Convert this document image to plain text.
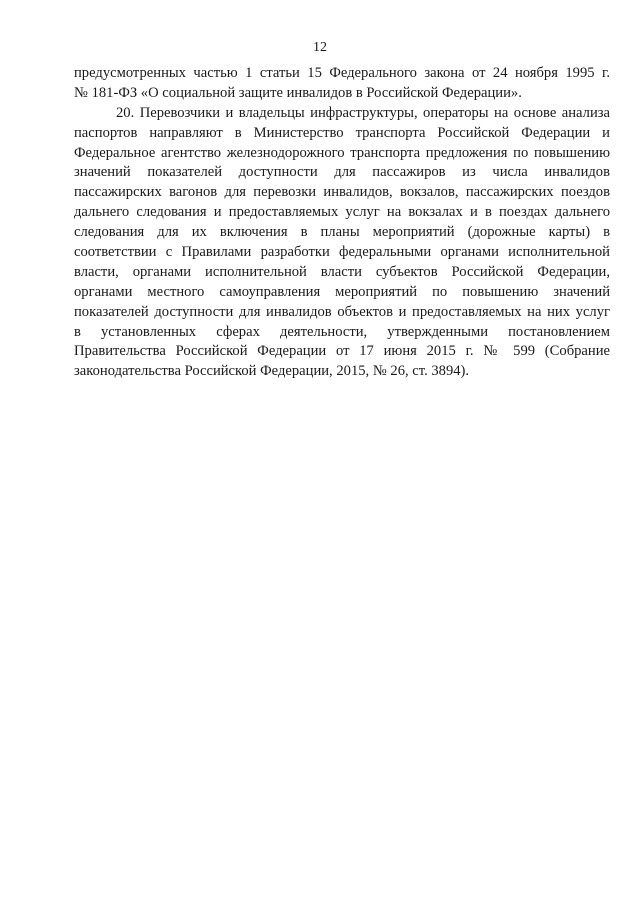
12
предусмотренных частью 1 статьи 15 Федерального закона от 24 ноября 1995 г.
№ 181-ФЗ «О социальной защите инвалидов в Российской Федерации».
20. Перевозчики и владельцы инфраструктуры, операторы на основе анализа
паспортов направляют в Министерство транспорта Российской Федерации и
Федеральное агентство железнодорожного транспорта предложения по повышению
значений показателей доступности для пассажиров из числа инвалидов
пассажирских вагонов для перевозки инвалидов, вокзалов, пассажирских поездов
дальнего следования и предоставляемых услуг на вокзалах и в поездах дальнего
следования для их включения в планы мероприятий (дорожные карты) в
соответствии с Правилами разработки федеральными органами исполнительной
власти, органами исполнительной власти субъектов Российской Федерации,
органами местного самоуправления мероприятий по повышению значений
показателей доступности для инвалидов объектов и предоставляемых на них услуг
в установленных сферах деятельности, утвержденными постановлением
Правительства Российской Федерации от 17 июня 2015 г. № 599 (Собрание
законодательства Российской Федерации, 2015, № 26, ст. 3894).
